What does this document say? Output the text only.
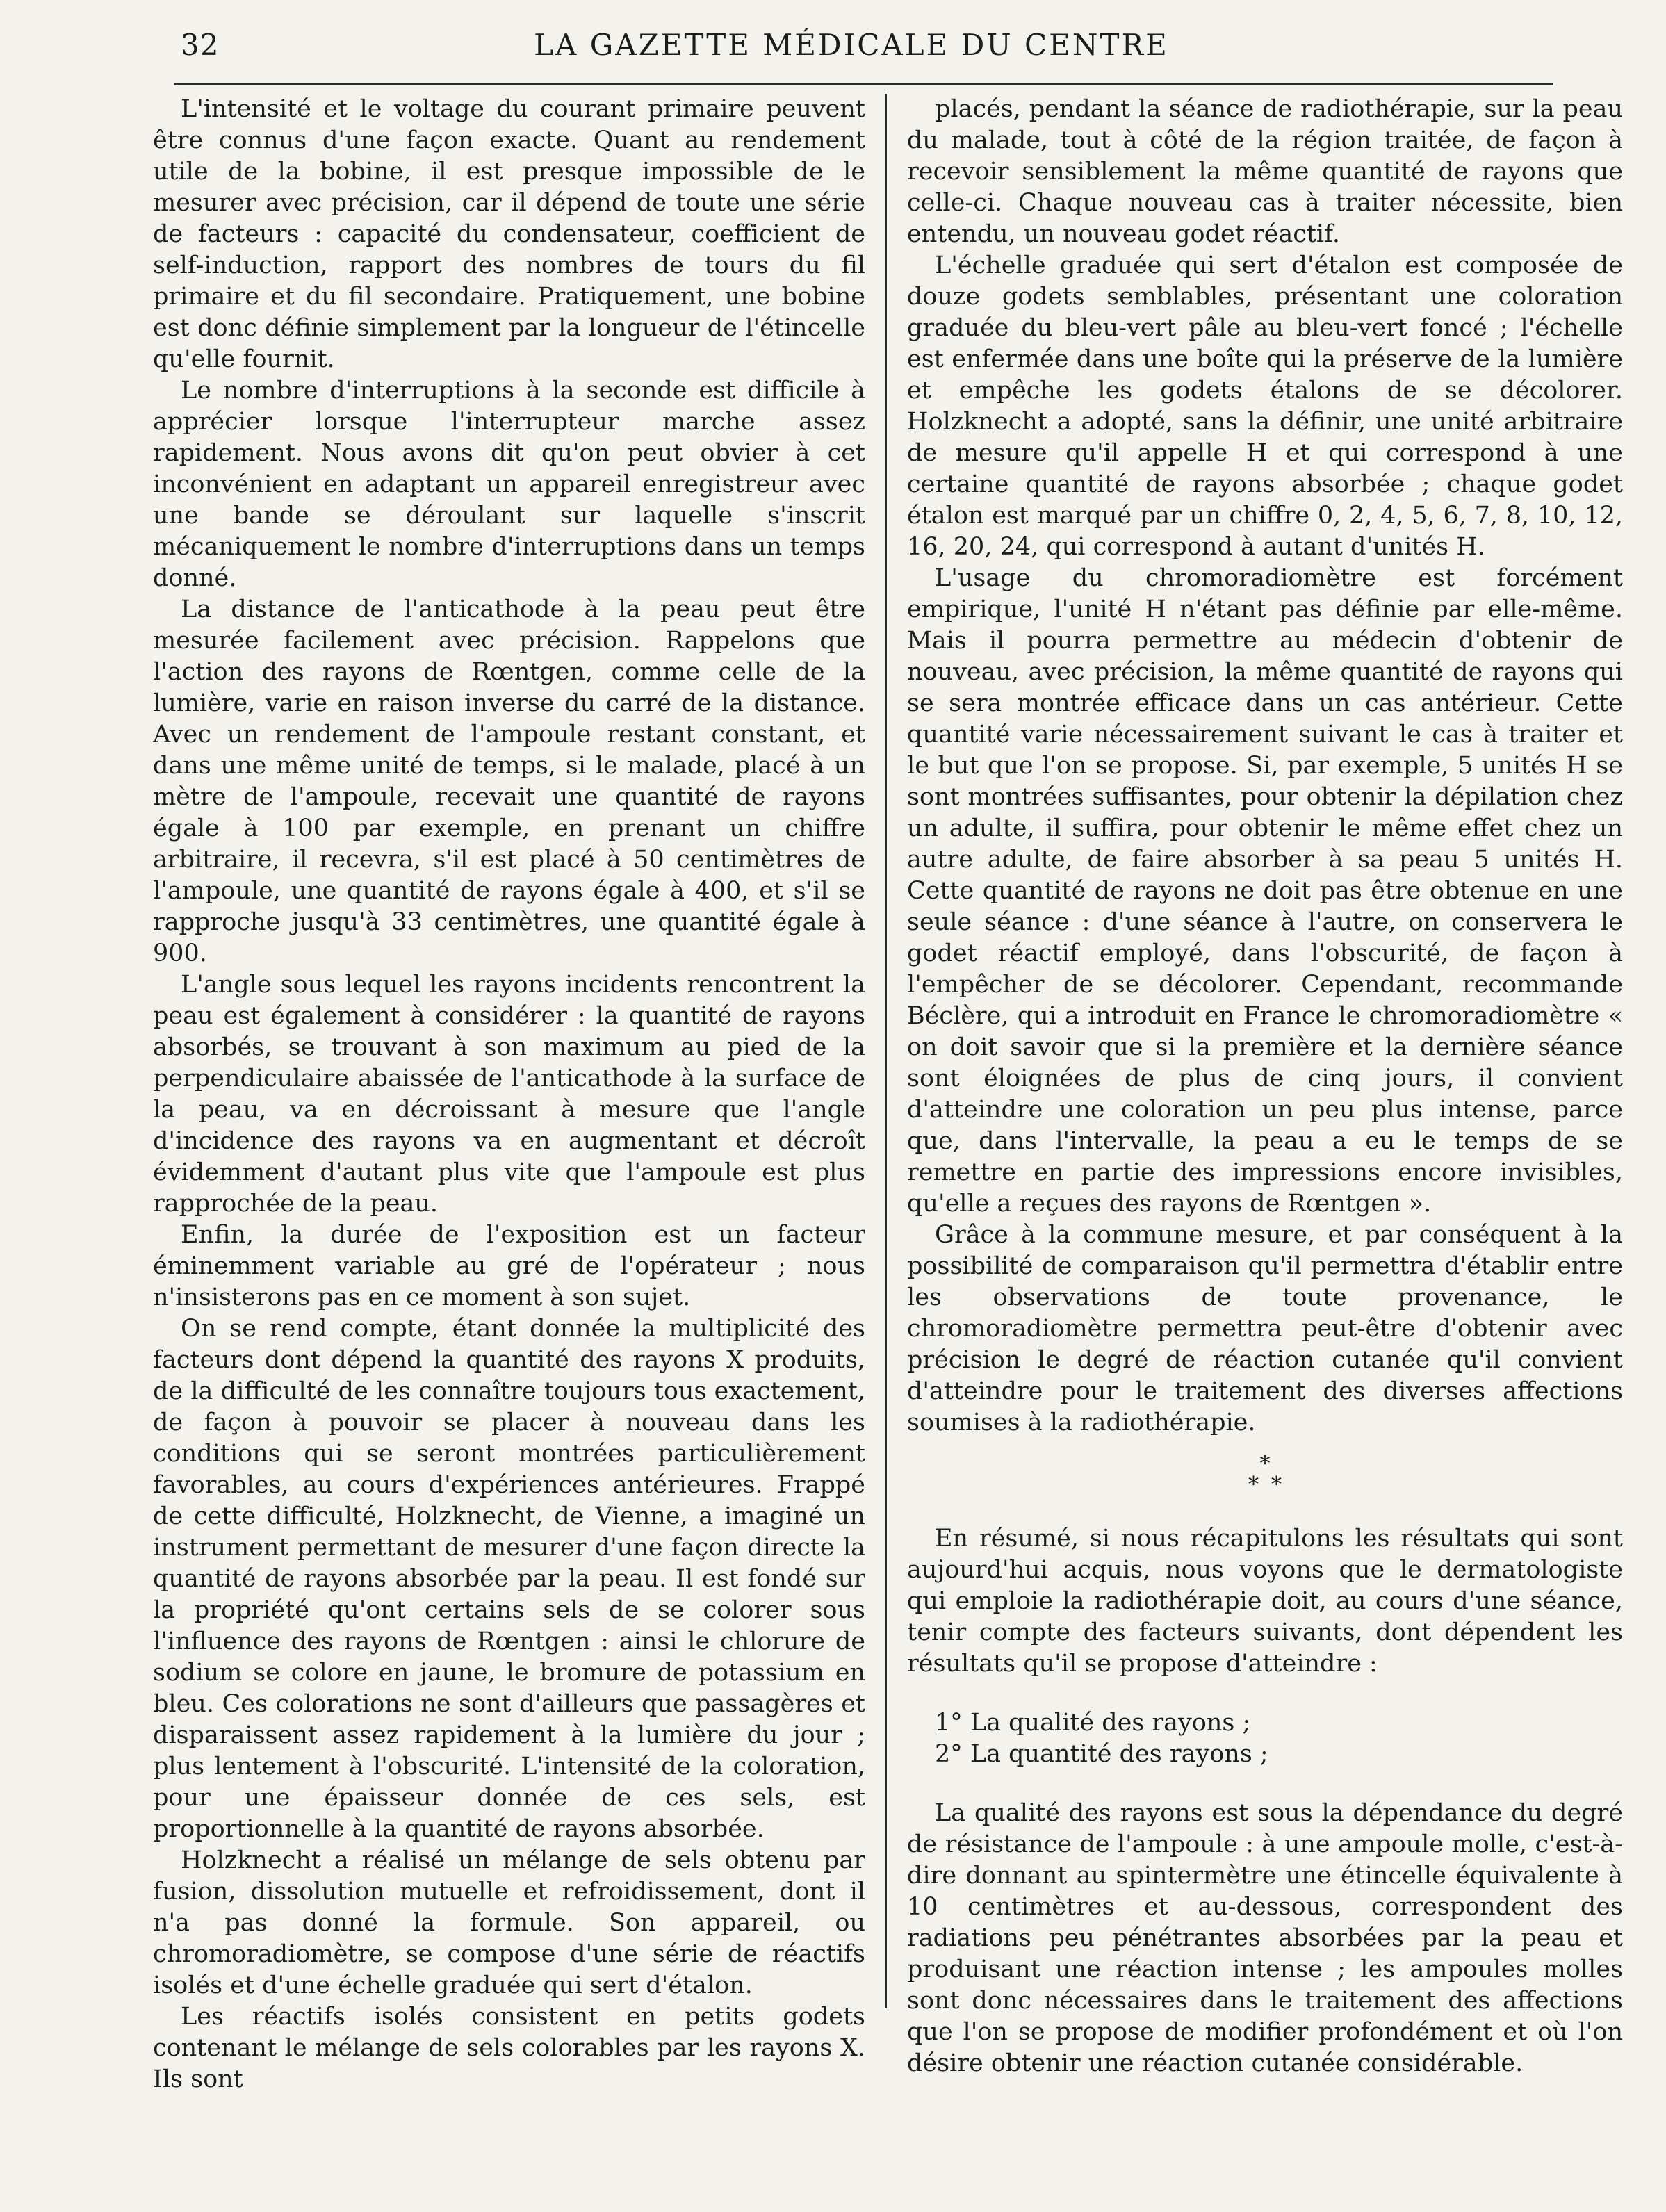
32	LA GAZETTE MÉDICALE DU CENTRE

L'intensité et le voltage du courant primaire peuvent être connus d'une façon exacte. Quant au rendement utile de la bobine, il est presque impossible de le mesurer avec précision, car il dépend de toute une série de facteurs : capacité du condensateur, coefficient de self-induction, rapport des nombres de tours du fil primaire et du fil secondaire. Pratiquement, une bobine est donc définie simplement par la longueur de l'étincelle qu'elle fournit.

Le nombre d'interruptions à la seconde est difficile à apprécier lorsque l'interrupteur marche assez rapidement. Nous avons dit qu'on peut obvier à cet inconvénient en adaptant un appareil enregistreur avec une bande se déroulant sur laquelle s'inscrit mécaniquement le nombre d'interruptions dans un temps donné.

La distance de l'anticathode à la peau peut être mesurée facilement avec précision. Rappelons que l'action des rayons de Rœntgen, comme celle de la lumière, varie en raison inverse du carré de la distance. Avec un rendement de l'ampoule restant constant, et dans une même unité de temps, si le malade, placé à un mètre de l'ampoule, recevait une quantité de rayons égale à 100 par exemple, en prenant un chiffre arbitraire, il recevra, s'il est placé à 50 centimètres de l'ampoule, une quantité de rayons égale à 400, et s'il se rapproche jusqu'à 33 centimètres, une quantité égale à 900.

L'angle sous lequel les rayons incidents rencontrent la peau est également à considérer : la quantité de rayons absorbés, se trouvant à son maximum au pied de la perpendiculaire abaissée de l'anticathode à la surface de la peau, va en décroissant à mesure que l'angle d'incidence des rayons va en augmentant et décroît évidemment d'autant plus vite que l'ampoule est plus rapprochée de la peau.

Enfin, la durée de l'exposition est un facteur éminemment variable au gré de l'opérateur ; nous n'insisterons pas en ce moment à son sujet.

On se rend compte, étant donnée la multiplicité des facteurs dont dépend la quantité des rayons X produits, de la difficulté de les connaître toujours tous exactement, de façon à pouvoir se placer à nouveau dans les conditions qui se seront montrées particulièrement favorables, au cours d'expériences antérieures. Frappé de cette difficulté, Holzknecht, de Vienne, a imaginé un instrument permettant de mesurer d'une façon directe la quantité de rayons absorbée par la peau. Il est fondé sur la propriété qu'ont certains sels de se colorer sous l'influence des rayons de Rœntgen : ainsi le chlorure de sodium se colore en jaune, le bromure de potassium en bleu. Ces colorations ne sont d'ailleurs que passagères et disparaissent assez rapidement à la lumière du jour ; plus lentement à l'obscurité. L'intensité de la coloration, pour une épaisseur donnée de ces sels, est proportionnelle à la quantité de rayons absorbée.

Holzknecht a réalisé un mélange de sels obtenu par fusion, dissolution mutuelle et refroidissement, dont il n'a pas donné la formule. Son appareil, ou chromoradiomètre, se compose d'une série de réactifs isolés et d'une échelle graduée qui sert d'étalon.

Les réactifs isolés consistent en petits godets contenant le mélange de sels colorables par les rayons X. Ils sont

placés, pendant la séance de radiothérapie, sur la peau du malade, tout à côté de la région traitée, de façon à recevoir sensiblement la même quantité de rayons que celle-ci. Chaque nouveau cas à traiter nécessite, bien entendu, un nouveau godet réactif.

L'échelle graduée qui sert d'étalon est composée de douze godets semblables, présentant une coloration graduée du bleu-vert pâle au bleu-vert foncé ; l'échelle est enfermée dans une boîte qui la préserve de la lumière et empêche les godets étalons de se décolorer. Holzknecht a adopté, sans la définir, une unité arbitraire de mesure qu'il appelle H et qui correspond à une certaine quantité de rayons absorbée ; chaque godet étalon est marqué par un chiffre 0, 2, 4, 5, 6, 7, 8, 10, 12, 16, 20, 24, qui correspond à autant d'unités H.

L'usage du chromoradiomètre est forcément empirique, l'unité H n'étant pas définie par elle-même. Mais il pourra permettre au médecin d'obtenir de nouveau, avec précision, la même quantité de rayons qui se sera montrée efficace dans un cas antérieur. Cette quantité varie nécessairement suivant le cas à traiter et le but que l'on se propose. Si, par exemple, 5 unités H se sont montrées suffisantes, pour obtenir la dépilation chez un adulte, il suffira, pour obtenir le même effet chez un autre adulte, de faire absorber à sa peau 5 unités H. Cette quantité de rayons ne doit pas être obtenue en une seule séance : d'une séance à l'autre, on conservera le godet réactif employé, dans l'obscurité, de façon à l'empêcher de se décolorer. Cependant, recommande Béclère, qui a introduit en France le chromoradiomètre « on doit savoir que si la première et la dernière séance sont éloignées de plus de cinq jours, il convient d'atteindre une coloration un peu plus intense, parce que, dans l'intervalle, la peau a eu le temps de se remettre en partie des impressions encore invisibles, qu'elle a reçues des rayons de Rœntgen ».

Grâce à la commune mesure, et par conséquent à la possibilité de comparaison qu'il permettra d'établir entre les observations de toute provenance, le chromoradiomètre permettra peut-être d'obtenir avec précision le degré de réaction cutanée qu'il convient d'atteindre pour le traitement des diverses affections soumises à la radiothérapie.

*
**

En résumé, si nous récapitulons les résultats qui sont aujourd'hui acquis, nous voyons que le dermatologiste qui emploie la radiothérapie doit, au cours d'une séance, tenir compte des facteurs suivants, dont dépendent les résultats qu'il se propose d'atteindre :

1° La qualité des rayons ;
2° La quantité des rayons ;

La qualité des rayons est sous la dépendance du degré de résistance de l'ampoule : à une ampoule molle, c'est-à-dire donnant au spintermètre une étincelle équivalente à 10 centimètres et au-dessous, correspondent des radiations peu pénétrantes absorbées par la peau et produisant une réaction intense ; les ampoules molles sont donc nécessaires dans le traitement des affections que l'on se propose de modifier profondément et où l'on désire obtenir une réaction cutanée considérable.
